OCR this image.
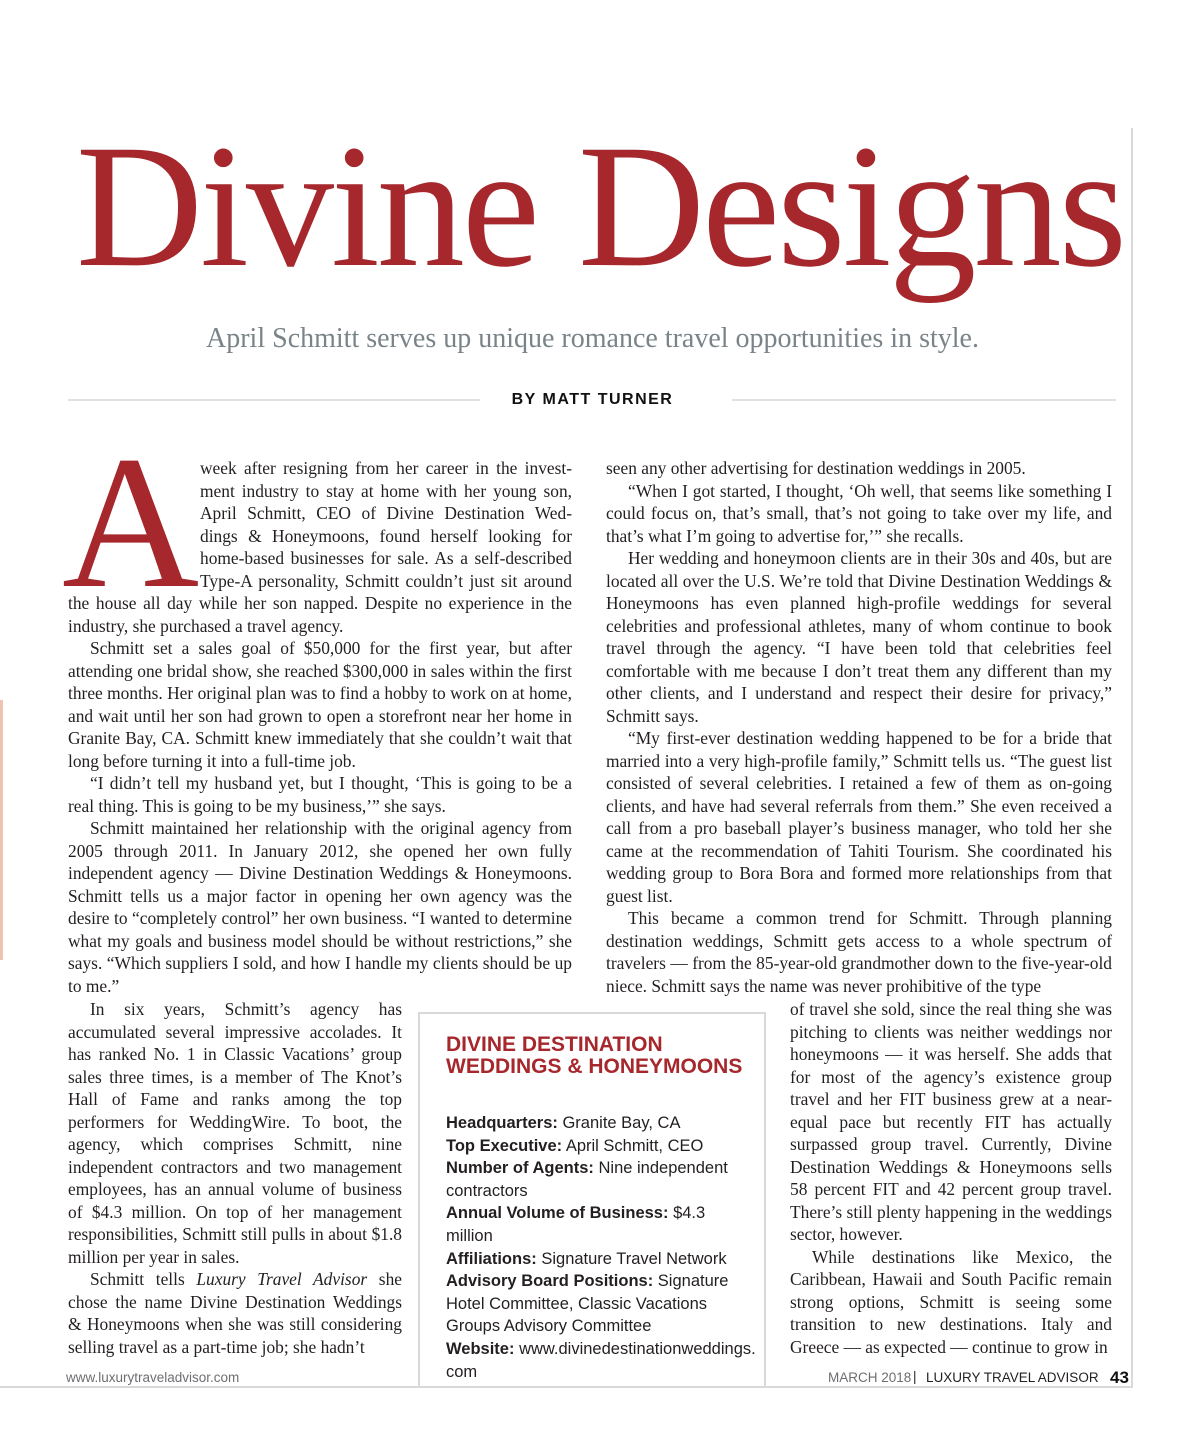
Divine Designs
April Schmitt serves up unique romance travel opportunities in style.
BY MATT TURNER
A week after resigning from her career in the invest-
ment industry to stay at home with her young son,
April Schmitt, CEO of Divine Destination Wed-
dings & Honeymoons, found herself looking for
home-based businesses for sale. As a self-described
Type-A personality, Schmitt couldn’t just sit around

the house all day while her son napped. Despite no experience in the industry, she purchased a travel agency.

Schmitt set a sales goal of $50,000 for the first year, but after attending one bridal show, she reached $300,000 in sales within the first three months. Her original plan was to find a hobby to work on at home, and wait until her son had grown to open a storefront near her home in Granite Bay, CA. Schmitt knew immediately that she couldn’t wait that long before turning it into a full-time job.

“I didn’t tell my husband yet, but I thought, ‘This is going to be a real thing. This is going to be my business,’” she says.

Schmitt maintained her relationship with the original agency from 2005 through 2011. In January 2012, she opened her own fully independent agency — Divine Destination Weddings & Honeymoons. Schmitt tells us a major factor in opening her own agency was the desire to “completely control” her own business. “I wanted to determine what my goals and business model should be without restrictions,” she says. “Which suppliers I sold, and how I handle my clients should be up to me.”

In six years, Schmitt’s agency has accumulated several impressive accolades. It has ranked No. 1 in Classic Vacations’ group sales three times, is a member of The Knot’s Hall of Fame and ranks among the top performers for WeddingWire. To boot, the agency, which comprises Schmitt, nine independent contractors and two management employees, has an annual volume of business of $4.3 million. On top of her management responsibilities, Schmitt still pulls in about $1.8 million per year in sales.

Schmitt tells Luxury Travel Advisor she chose the name Divine Destination Weddings & Honeymoons when she was still considering selling travel as a part-time job; she hadn’t

seen any other advertising for destination weddings in 2005.

“When I got started, I thought, ‘Oh well, that seems like something I could focus on, that’s small, that’s not going to take over my life, and that’s what I’m going to advertise for,’” she recalls.

Her wedding and honeymoon clients are in their 30s and 40s, but are located all over the U.S. We’re told that Divine Destination Weddings & Honeymoons has even planned high-profile weddings for several celebrities and professional athletes, many of whom continue to book travel through the agency. “I have been told that celebrities feel comfortable with me because I don’t treat them any different than my other clients, and I understand and respect their desire for privacy,” Schmitt says.

“My first-ever destination wedding happened to be for a bride that married into a very high-profile family,” Schmitt tells us. “The guest list consisted of several celebrities. I retained a few of them as on-going clients, and have had several referrals from them.” She even received a call from a pro baseball player’s business manager, who told her she came at the recommendation of Tahiti Tourism. She coordinated his wedding group to Bora Bora and formed more relationships from that guest list.

This became a common trend for Schmitt. Through planning destination weddings, Schmitt gets access to a whole spectrum of travelers — from the 85-year-old grandmother down to the five-year-old niece. Schmitt says the name was never prohibitive of the type

of travel she sold, since the real thing she was pitching to clients was neither weddings nor honeymoons — it was herself. She adds that for most of the agency’s existence group travel and her FIT business grew at a near-equal pace but recently FIT has actually surpassed group travel. Currently, Divine Destination Weddings & Honeymoons sells 58 percent FIT and 42 percent group travel. There’s still plenty happening in the weddings sector, however.

While destinations like Mexico, the Caribbean, Hawaii and South Pacific remain strong options, Schmitt is seeing some transition to new destinations. Italy and Greece — as expected — continue to grow in

DIVINE DESTINATION WEDDINGS & HONEYMOONS

Headquarters: Granite Bay, CA

Top Executive: April Schmitt, CEO

Number of Agents: Nine independent contractors

Annual Volume of Business: $4.3 million

Affiliations: Signature Travel Network

Advisory Board Positions: Signature Hotel Committee, Classic Vacations Groups Advisory Committee

Website: www.divinedestinationweddings.com

www.luxurytraveladvisor.com	MARCH 2018 | LUXURY TRAVEL ADVISOR 43
